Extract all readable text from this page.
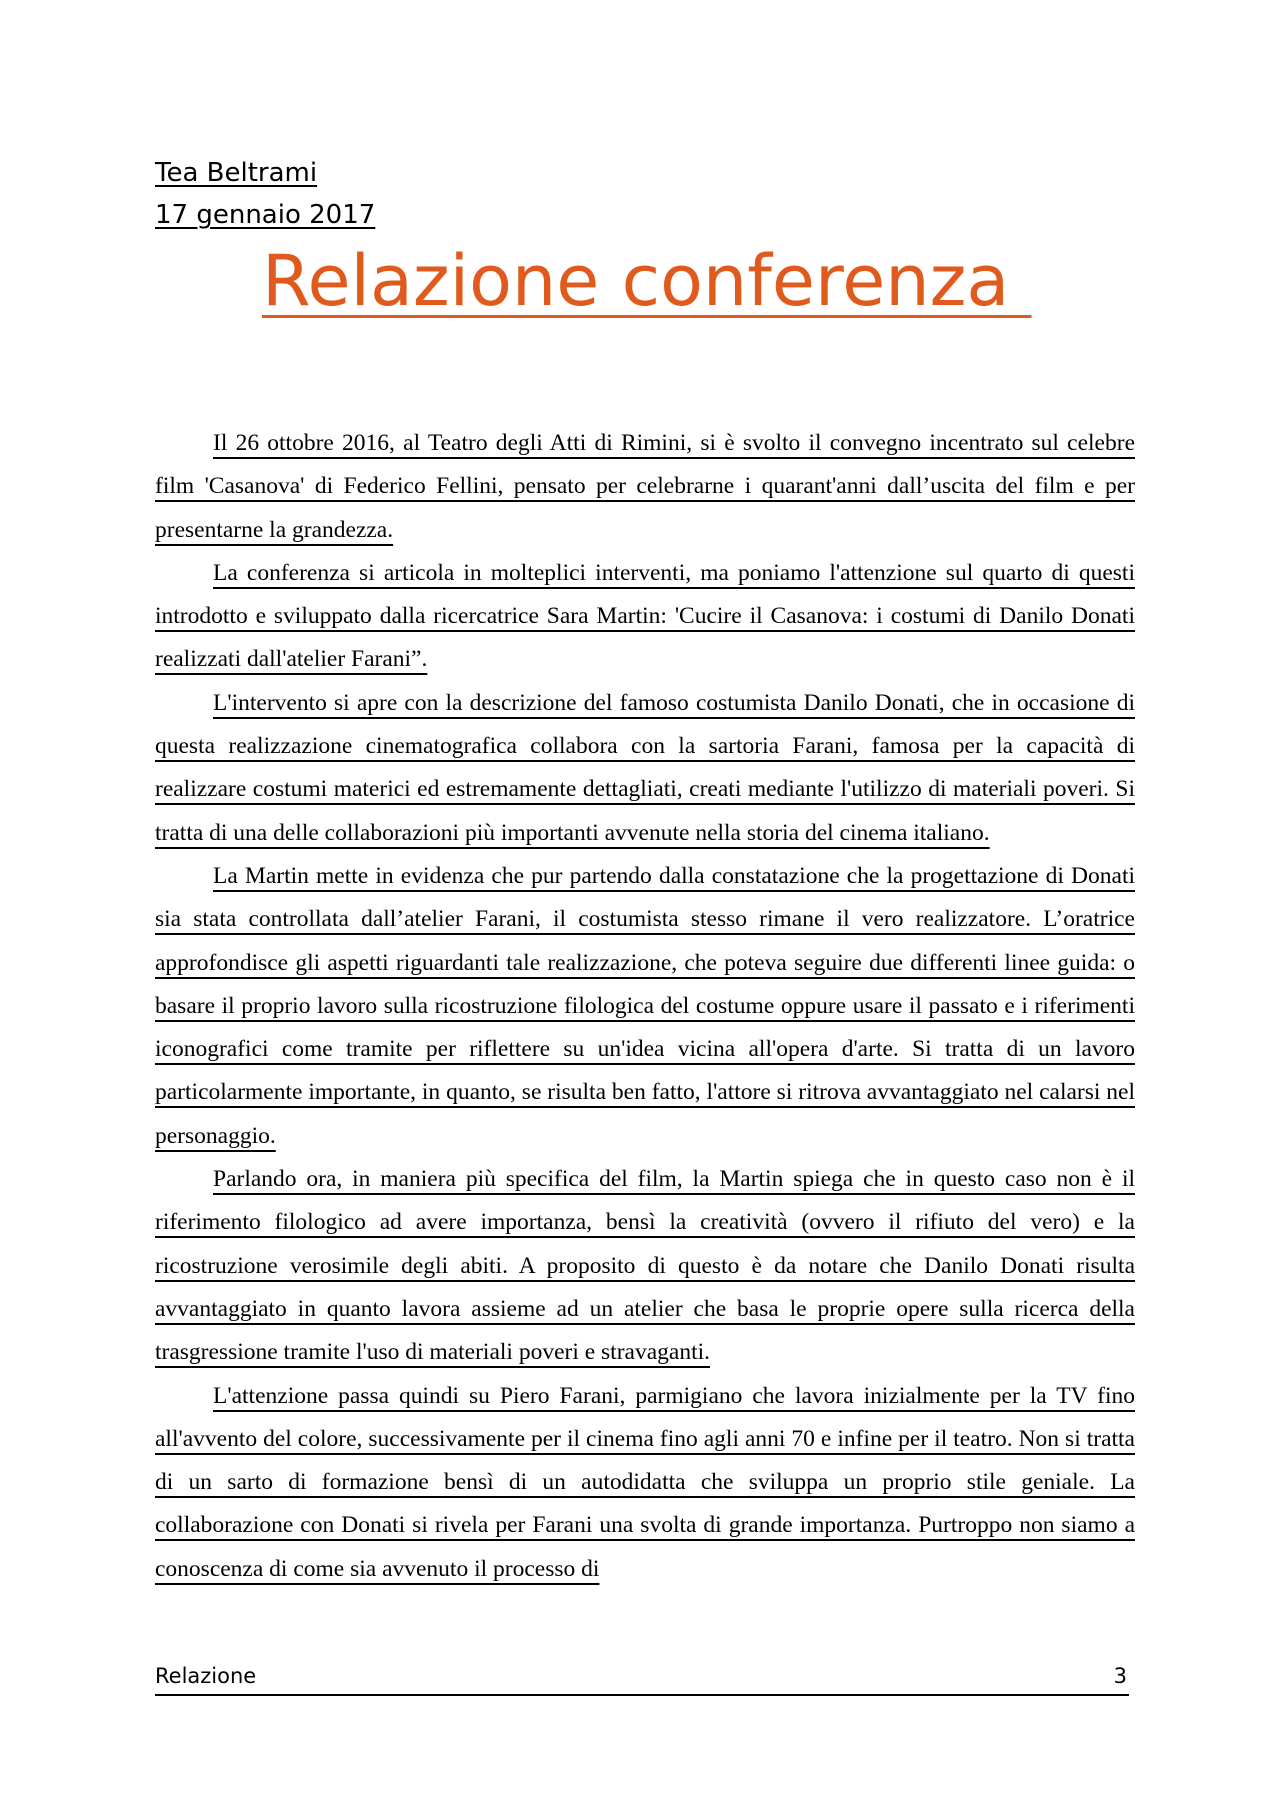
Tea Beltrami
17 gennaio 2017
Relazione conferenza

Il 26 ottobre 2016, al Teatro degli Atti di Rimini, si è svolto il convegno incentrato sul celebre film 'Casanova' di Federico Fellini, pensato per celebrarne i quarant'anni dall’uscita del film e per presentarne la grandezza.

La conferenza si articola in molteplici interventi, ma poniamo l'attenzione sul quarto di questi introdotto e sviluppato dalla ricercatrice Sara Martin: 'Cucire il Casanova: i costumi di Danilo Donati realizzati dall'atelier Farani”.

L'intervento si apre con la descrizione del famoso costumista Danilo Donati, che in occasione di questa realizzazione cinematografica collabora con la sartoria Farani, famosa per la capacità di realizzare costumi materici ed estremamente dettagliati, creati mediante l'utilizzo di materiali poveri. Si tratta di una delle collaborazioni più importanti avvenute nella storia del cinema italiano.

La Martin mette in evidenza che pur partendo dalla constatazione che la progettazione di Donati sia stata controllata dall’atelier Farani, il costumista stesso rimane il vero realizzatore. L’oratrice approfondisce gli aspetti riguardanti tale realizzazione, che poteva seguire due differenti linee guida: o basare il proprio lavoro sulla ricostruzione filologica del costume oppure usare il passato e i riferimenti iconografici come tramite per riflettere su un'idea vicina all'opera d'arte. Si tratta di un lavoro particolarmente importante, in quanto, se risulta ben fatto, l'attore si ritrova avvantaggiato nel calarsi nel personaggio.

Parlando ora, in maniera più specifica del film, la Martin spiega che in questo caso non è il riferimento filologico ad avere importanza, bensì la creatività (ovvero il rifiuto del vero) e la ricostruzione verosimile degli abiti. A proposito di questo è da notare che Danilo Donati risulta avvantaggiato in quanto lavora assieme ad un atelier che basa le proprie opere sulla ricerca della trasgressione tramite l'uso di materiali poveri e stravaganti.

L'attenzione passa quindi su Piero Farani, parmigiano che lavora inizialmente per la TV fino all'avvento del colore, successivamente per il cinema fino agli anni 70 e infine per il teatro. Non si tratta di un sarto di formazione bensì di un autodidatta che sviluppa un proprio stile geniale. La collaborazione con Donati si rivela per Farani una svolta di grande importanza. Purtroppo non siamo a conoscenza di come sia avvenuto il processo di

Relazione	3
